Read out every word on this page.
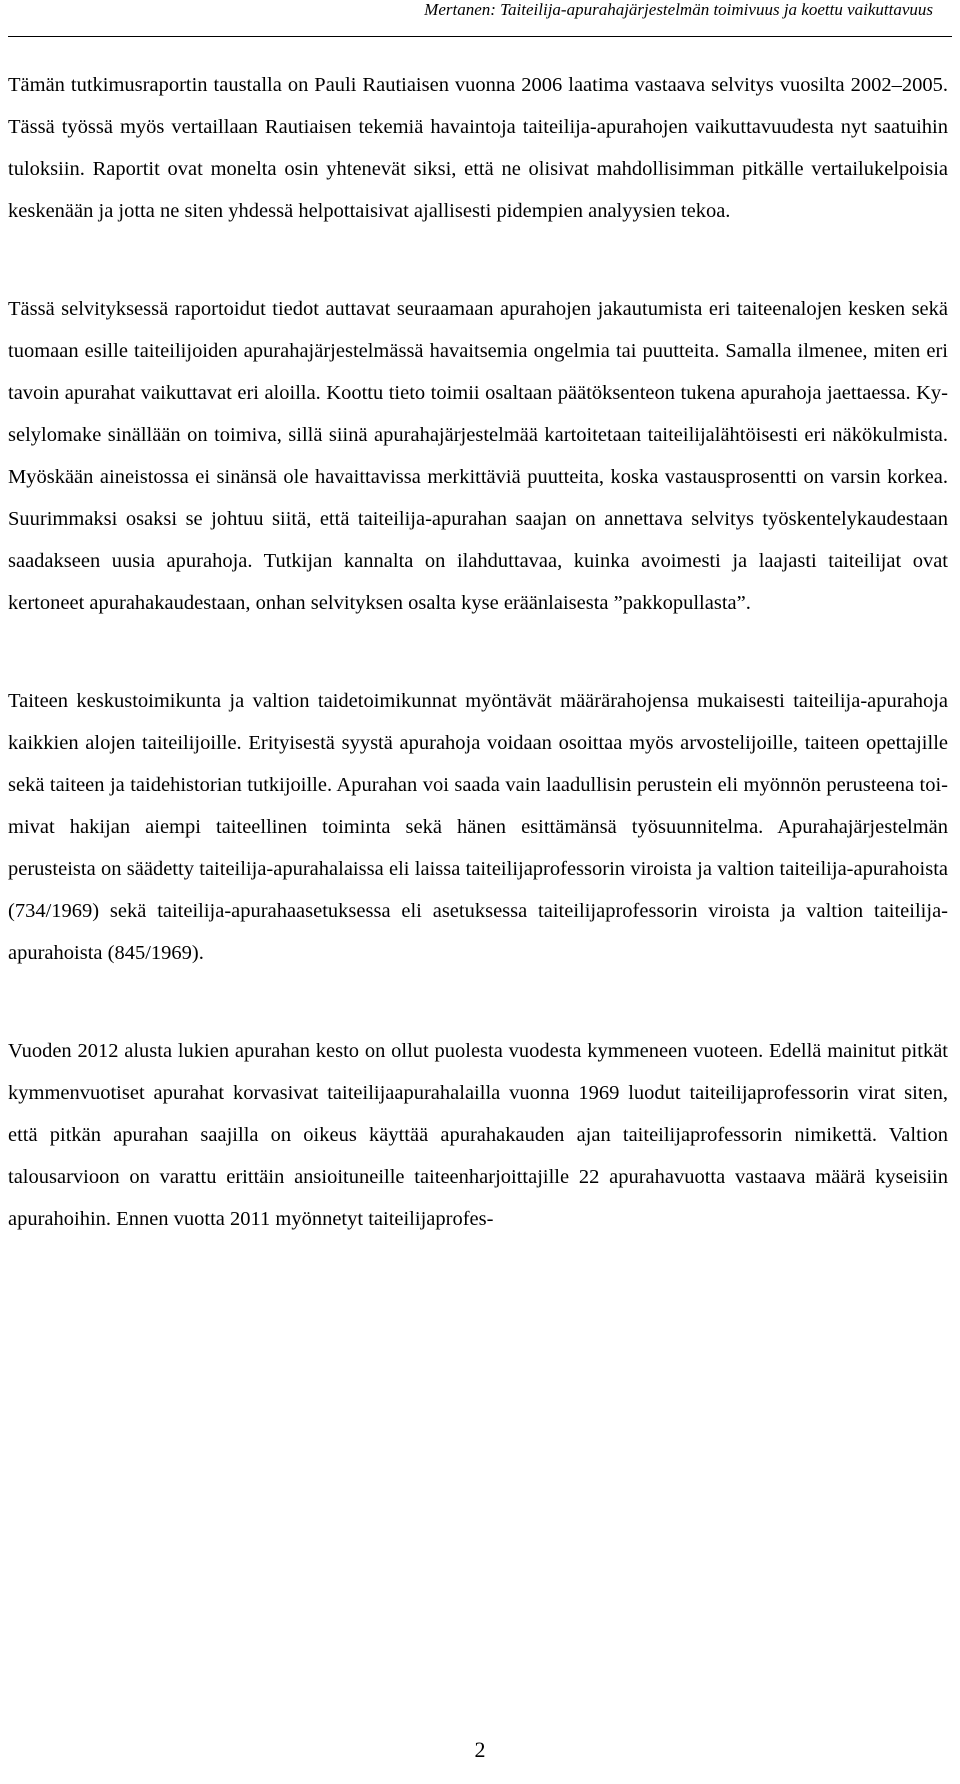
Mertanen: Taiteilija-apurahajärjestelmän toimivuus ja koettu vaikuttavuus

Tämän tutkimusraportin taustalla on Pauli Rautiaisen vuonna 2006 laatima vastaava selvitys vuosilta 2002–2005. Tässä työssä myös vertaillaan Rautiaisen tekemiä havaintoja taiteilija-apurahojen vaikuttavuudesta nyt saatuihin tuloksiin. Raportit ovat monelta osin yhtenevät siksi, että ne olisivat mahdollisimman pitkälle vertailukelpoisia keskenään ja jotta ne siten yhdessä helpottaisivat ajallisesti pidempien analyysien tekoa.

Tässä selvityksessä raportoidut tiedot auttavat seuraamaan apurahojen jakautumista eri taiteenalojen kesken sekä tuomaan esille taiteilijoiden apurahajärjestelmässä havaitsemia ongelmia tai puutteita. Samalla ilmenee, miten eri tavoin apurahat vaikuttavat eri aloilla. Koottu tieto toimii osaltaan päätöksenteon tukena apurahoja jaettaessa. Kyselylomake sinällään on toimiva, sillä siinä apurahajärjestelmää kartoitetaan taiteilijalähtöisesti eri näkökulmista. Myöskään aineistossa ei sinänsä ole havaittavissa merkittäviä puutteita, koska vastausprosentti on varsin korkea. Suurimmaksi osaksi se johtuu siitä, että taiteilija-apurahan saajan on annettava selvitys työskentelykaudestaan saadakseen uusia apurahoja. Tutkijan kannalta on ilahduttavaa, kuinka avoimesti ja laajasti taiteilijat ovat kertoneet apurahakaudestaan, onhan selvityksen osalta kyse eräänlaisesta ”pakkopullasta”.

Taiteen keskustoimikunta ja valtion taidetoimikunnat myöntävät määrärahojensa mukaisesti taiteilija-apurahoja kaikkien alojen taiteilijoille. Erityisestä syystä apurahoja voidaan osoittaa myös arvostelijoille, taiteen opettajille sekä taiteen ja taidehistorian tutkijoille. Apurahan voi saada vain laadullisin perustein eli myönnön perusteena toimivat hakijan aiempi taiteellinen toiminta sekä hänen esittämänsä työsuunnitelma. Apurahajärjestelmän perusteista on säädetty taiteilija-apurahalaissa eli laissa taiteilijaprofessorin viroista ja valtion taiteilija-apurahoista (734/1969) sekä taiteilija-apurahaasetuksessa eli asetuksessa taiteilijaprofessorin viroista ja valtion taiteilija-apurahoista (845/1969).

Vuoden 2012 alusta lukien apurahan kesto on ollut puolesta vuodesta kymmeneen vuoteen. Edellä mainitut pitkät kymmenvuotiset apurahat korvasivat taiteilijaapurahalailla vuonna 1969 luodut taiteilijaprofessorin virat siten, että pitkän apurahan saajilla on oikeus käyttää apurahakauden ajan taiteilijaprofessorin nimikettä. Valtion talousarvioon on varattu erittäin ansioituneille taiteenharjoittajille 22 apurahavuotta vastaava määrä kyseisiin apurahoihin. Ennen vuotta 2011 myönnetyt taiteilijaprofes-

2
